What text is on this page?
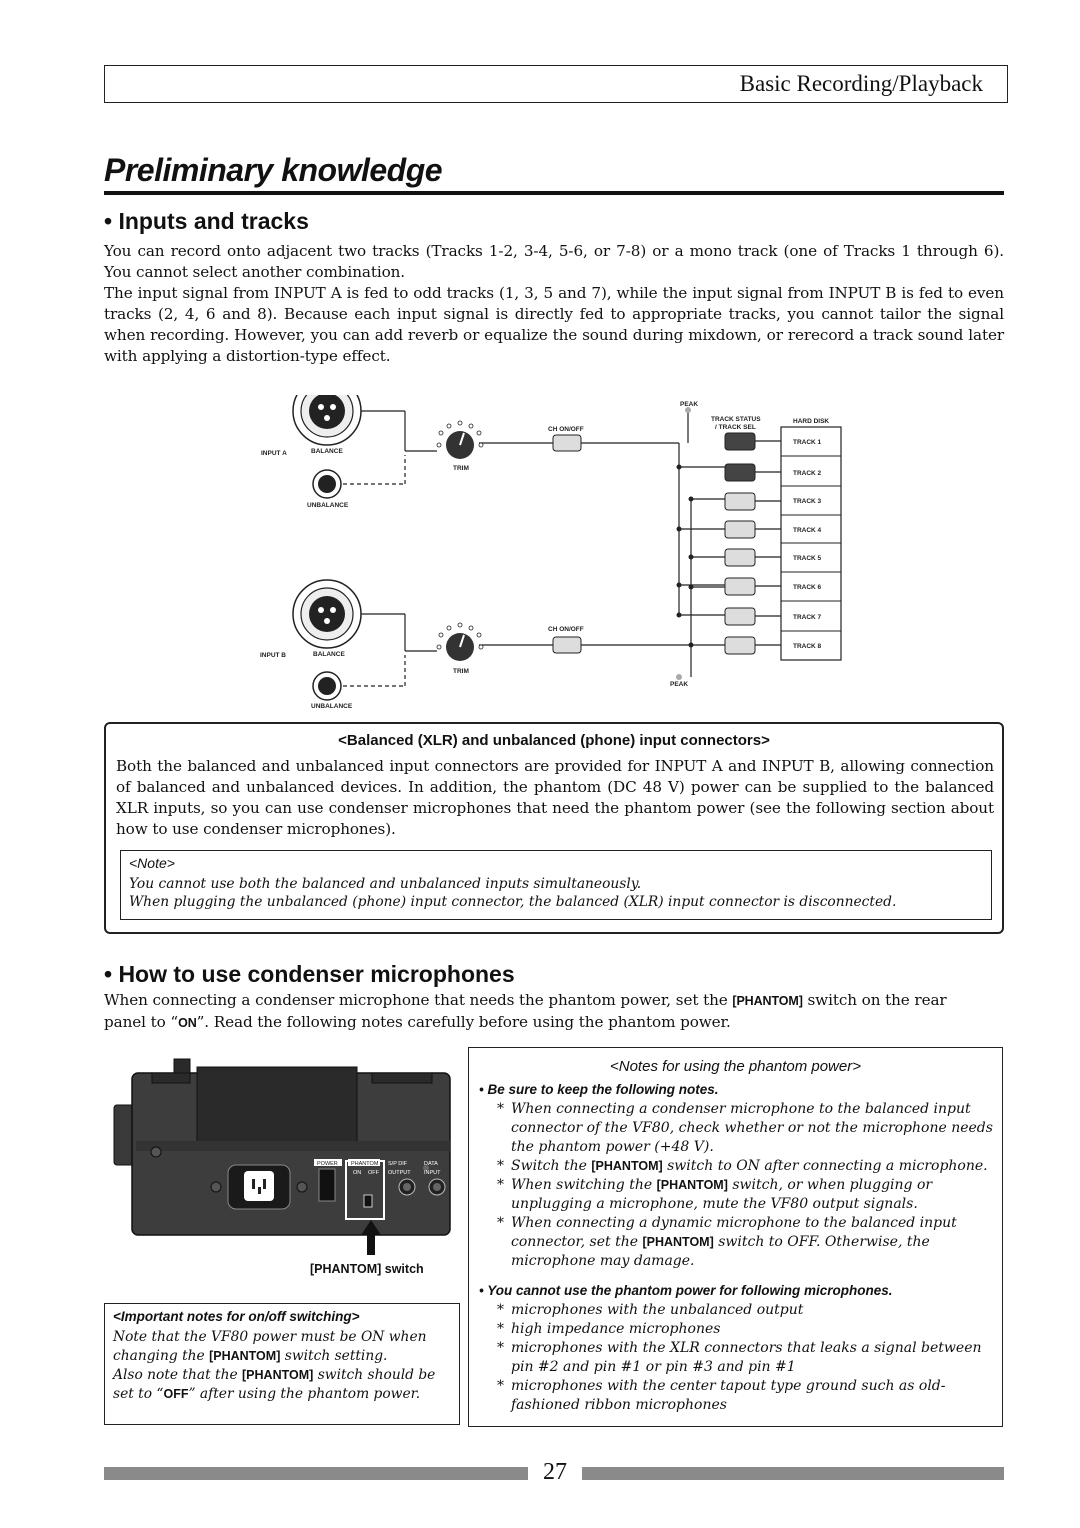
Basic Recording/Playback
Preliminary knowledge
• Inputs and tracks
You can record onto adjacent two tracks (Tracks 1-2, 3-4, 5-6, or 7-8) or a mono track (one of Tracks 1 through 6). You cannot select another combination.
The input signal from INPUT A is fed to odd tracks (1, 3, 5 and 7), while the input signal from INPUT B is fed to even tracks (2, 4, 6 and 8). Because each input signal is directly fed to appropriate tracks, you cannot tailor the signal when recording. However, you can add reverb or equalize the sound during mixdown, or rerecord a track sound later with applying a distortion-type effect.
INPUT A	BALANCE
UNBALANCE
INPUT B	BALANCE
UNBALANCE
TRIM
TRIM
CH ON/OFF
CH ON/OFF
PEAK
PEAK
TRACK STATUS
/ TRACK SEL
HARD DISK
TRACK 1
TRACK 2
TRACK 3
TRACK 4
TRACK 5
TRACK 6
TRACK 7
TRACK 8
<Balanced (XLR) and unbalanced (phone) input connectors>
Both the balanced and unbalanced input connectors are provided for INPUT A and INPUT B, allowing connection of balanced and unbalanced devices. In addition, the phantom (DC 48 V) power can be supplied to the balanced XLR inputs, so you can use condenser microphones that need the phantom power (see the following section about how to use condenser microphones).
<Note>
You cannot use both the balanced and unbalanced inputs simultaneously.
When plugging the unbalanced (phone) input connector, the balanced (XLR) input connector is disconnected.
• How to use condenser microphones
When connecting a condenser microphone that needs the phantom power, set the [PHANTOM] switch on the rear
panel to “ON”. Read the following notes carefully before using the phantom power.
POWER PHANTOM
ON OFF
S/P DIF	DATA
OUTPUT INPUT
[PHANTOM] switch
<Important notes for on/off switching>
Note that the VF80 power must be ON when
changing the [PHANTOM] switch setting.
Also note that the [PHANTOM] switch should be
set to “OFF” after using the phantom power.
<Notes for using the phantom power>
• Be sure to keep the following notes.
* When connecting a condenser microphone to the balanced input
connector of the VF80, check whether or not the microphone needs
the phantom power (+48 V).
* Switch the [PHANTOM] switch to ON after connecting a microphone.
* When switching the [PHANTOM] switch, or when plugging or
unplugging a microphone, mute the VF80 output signals.
* When connecting a dynamic microphone to the balanced input
connector, set the [PHANTOM] switch to OFF. Otherwise, the
microphone may damage.
• You cannot use the phantom power for following microphones.
* microphones with the unbalanced output
* high impedance microphones
* microphones with the XLR connectors that leaks a signal between
pin #2 and pin #1 or pin #3 and pin #1
* microphones with the center tapout type ground such as old-
fashioned ribbon microphones
27
